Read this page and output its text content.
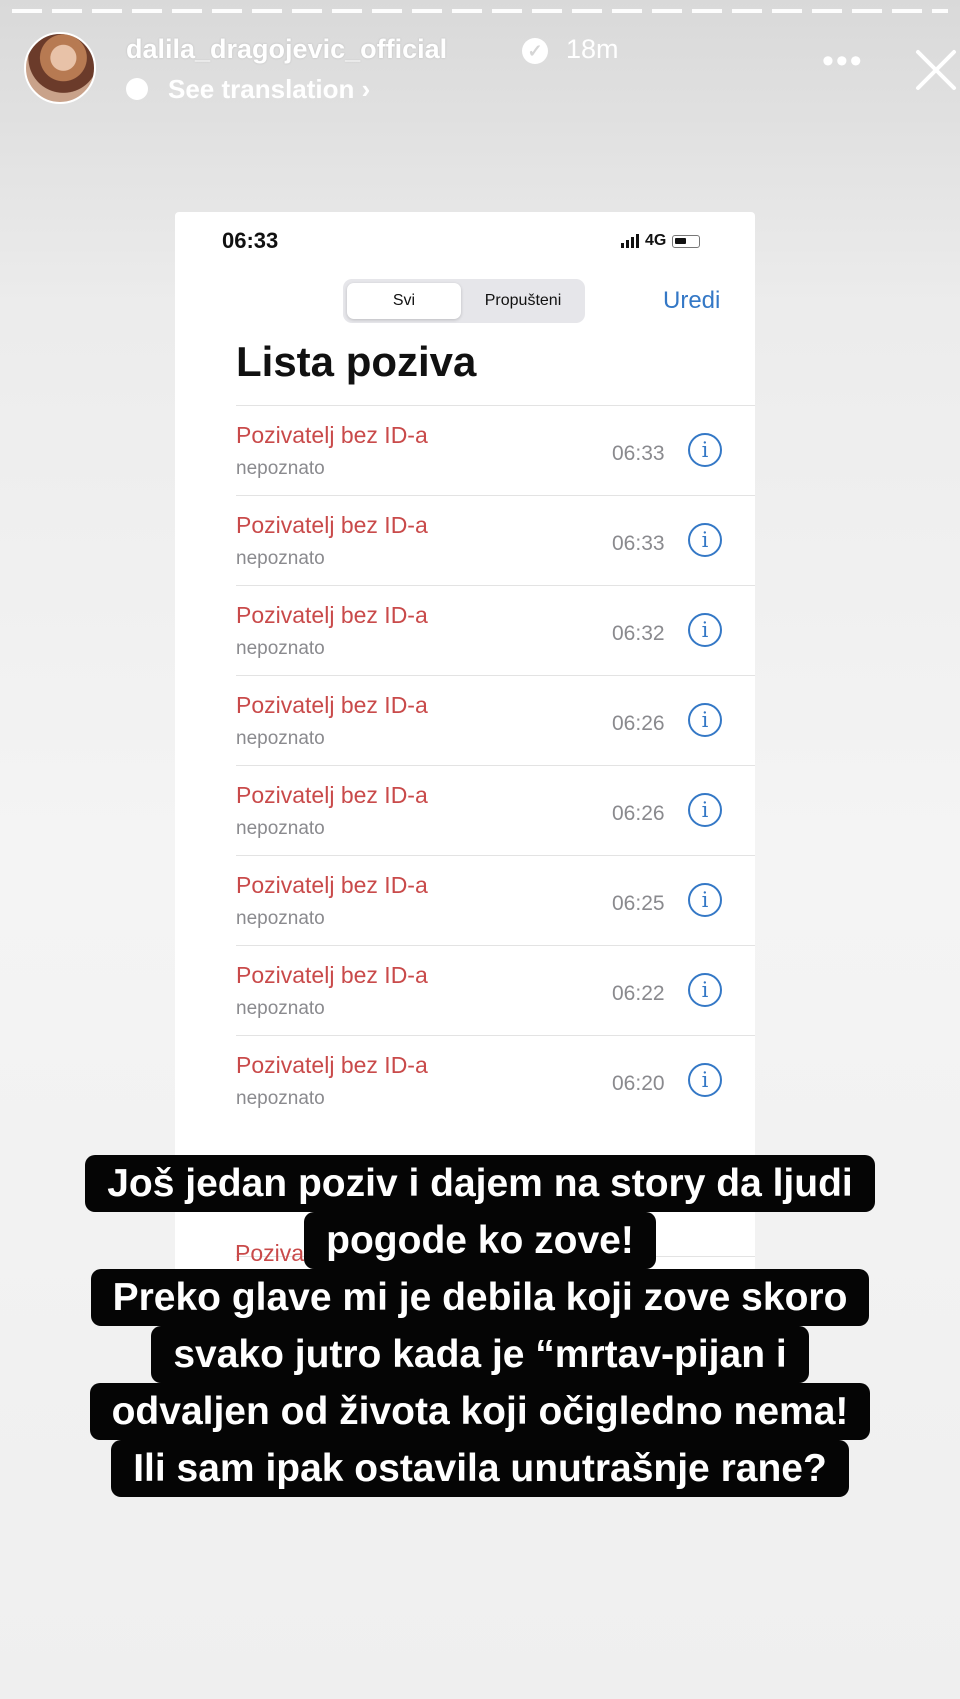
dalila_dragojevic_official	✓ 18m
See translation ›
•••
06:33	4G
Svi	Propušteni	Uredi
Lista poziva
Pozivatelj bez ID-a
nepoznato
06:33	i
Pozivatelj bez ID-a
nepoznato
06:33	i
Pozivatelj bez ID-a
nepoznato
06:32	i
Pozivatelj bez ID-a
nepoznato
06:26	i
Pozivatelj bez ID-a
nepoznato
06:26	i
Pozivatelj bez ID-a
nepoznato
06:25	i
Pozivatelj bez ID-a
nepoznato
06:22	i
Pozivatelj bez ID-a
nepoznato
06:20	i
Poziva
Još jedan poziv i dajem na story da ljudi
pogode ko zove!
Preko glave mi je debila koji zove skoro
svako jutro kada je “mrtav-pijan i
odvaljen od života koji očigledno nema!
Ili sam ipak ostavila unutrašnje rane?
